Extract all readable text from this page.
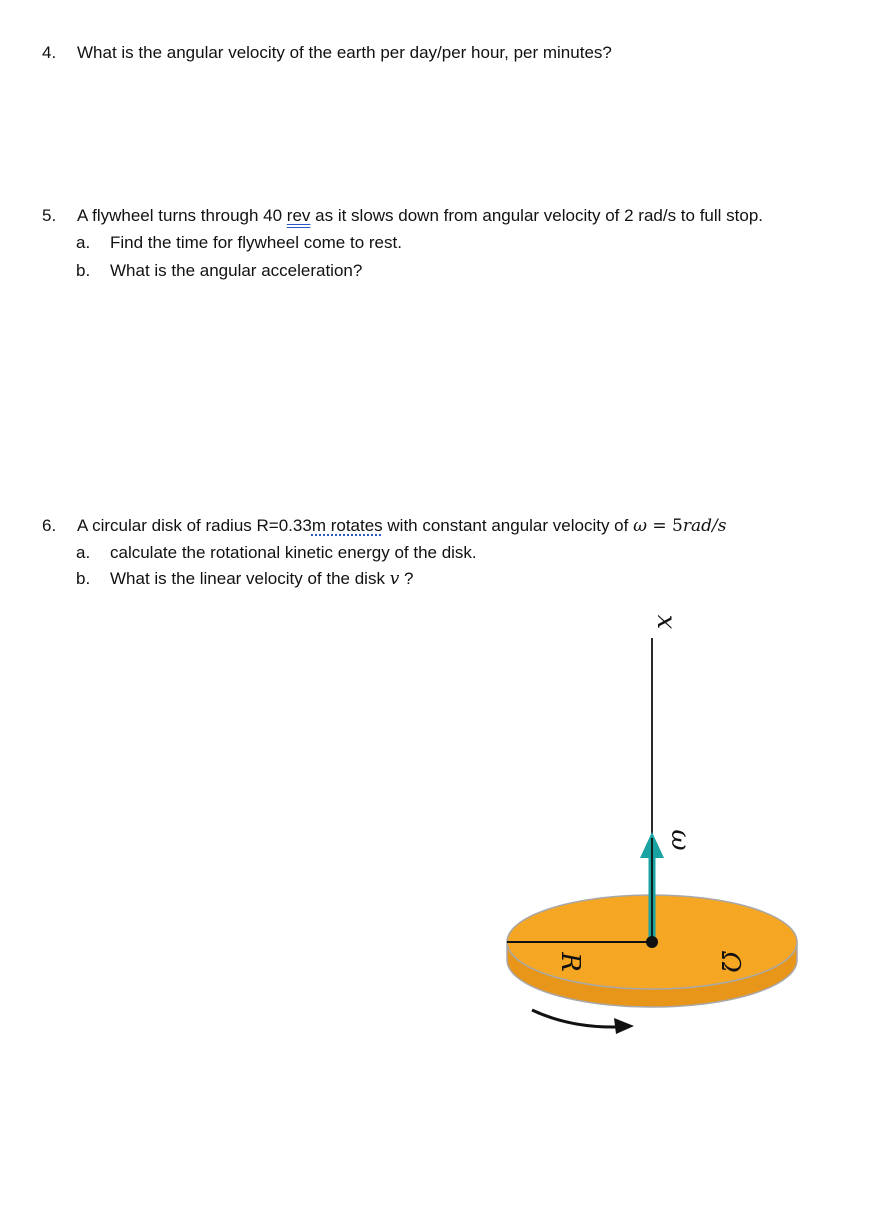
4. What is the angular velocity of the earth per day/per hour, per minutes?
5. A flywheel turns through 40 rev as it slows down from angular velocity of 2 rad/s to full stop.
a. Find the time for flywheel come to rest.
b. What is the angular acceleration?
6. A circular disk of radius R=0.33m rotates with constant angular velocity of ω = 5rad/s
a. calculate the rotational kinetic energy of the disk.
b. What is the linear velocity of the disk v ?
x
ω
R	Ω
